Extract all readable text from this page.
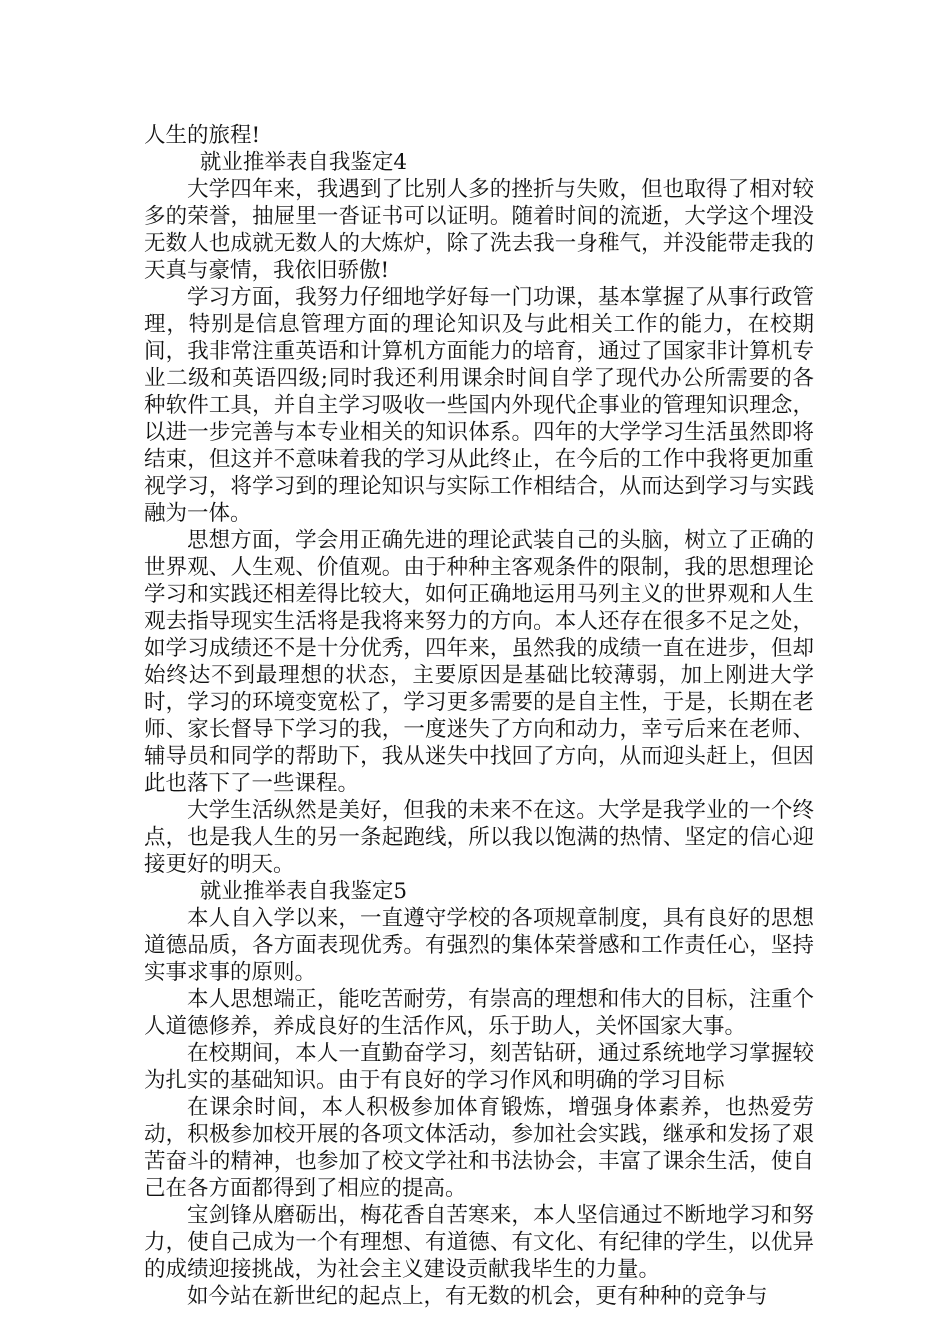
人生的旅程!

就业推举表自我鉴定4

大学四年来，我遇到了比别人多的挫折与失败，但也取得了相对较多的荣誉，抽屉里一沓证书可以证明。随着时间的流逝，大学这个埋没无数人也成就无数人的大炼炉，除了洗去我一身稚气，并没能带走我的天真与豪情，我依旧骄傲!

学习方面，我努力仔细地学好每一门功课，基本掌握了从事行政管理，特别是信息管理方面的理论知识及与此相关工作的能力，在校期间，我非常注重英语和计算机方面能力的培育，通过了国家非计算机专业二级和英语四级;同时我还利用课余时间自学了现代办公所需要的各种软件工具，并自主学习吸收一些国内外现代企事业的管理知识理念，以进一步完善与本专业相关的知识体系。四年的大学学习生活虽然即将结束，但这并不意味着我的学习从此终止，在今后的工作中我将更加重视学习，将学习到的理论知识与实际工作相结合，从而达到学习与实践融为一体。

思想方面，学会用正确先进的理论武装自己的头脑，树立了正确的世界观、人生观、价值观。由于种种主客观条件的限制，我的思想理论学习和实践还相差得比较大，如何正确地运用马列主义的世界观和人生观去指导现实生活将是我将来努力的方向。本人还存在很多不足之处，如学习成绩还不是十分优秀，四年来，虽然我的成绩一直在进步，但却始终达不到最理想的状态，主要原因是基础比较薄弱，加上刚进大学时，学习的环境变宽松了，学习更多需要的是自主性，于是，长期在老师、家长督导下学习的我，一度迷失了方向和动力，幸亏后来在老师、辅导员和同学的帮助下，我从迷失中找回了方向，从而迎头赶上，但因此也落下了一些课程。

大学生活纵然是美好，但我的未来不在这。大学是我学业的一个终点，也是我人生的另一条起跑线，所以我以饱满的热情、坚定的信心迎接更好的明天。

就业推举表自我鉴定5

本人自入学以来，一直遵守学校的各项规章制度，具有良好的思想道德品质，各方面表现优秀。有强烈的集体荣誉感和工作责任心，坚持实事求事的原则。

本人思想端正，能吃苦耐劳，有崇高的理想和伟大的目标，注重个人道德修养，养成良好的生活作风，乐于助人，关怀国家大事。

在校期间，本人一直勤奋学习，刻苦钻研，通过系统地学习掌握较为扎实的基础知识。由于有良好的学习作风和明确的学习目标

在课余时间，本人积极参加体育锻炼，增强身体素养，也热爱劳动，积极参加校开展的各项文体活动，参加社会实践，继承和发扬了艰苦奋斗的精神，也参加了校文学社和书法协会，丰富了课余生活，使自己在各方面都得到了相应的提高。

宝剑锋从磨砺出，梅花香自苦寒来，本人坚信通过不断地学习和努力，使自己成为一个有理想、有道德、有文化、有纪律的学生，以优异的成绩迎接挑战，为社会主义建设贡献我毕生的力量。

如今站在新世纪的起点上，有无数的机会，更有种种的竞争与
